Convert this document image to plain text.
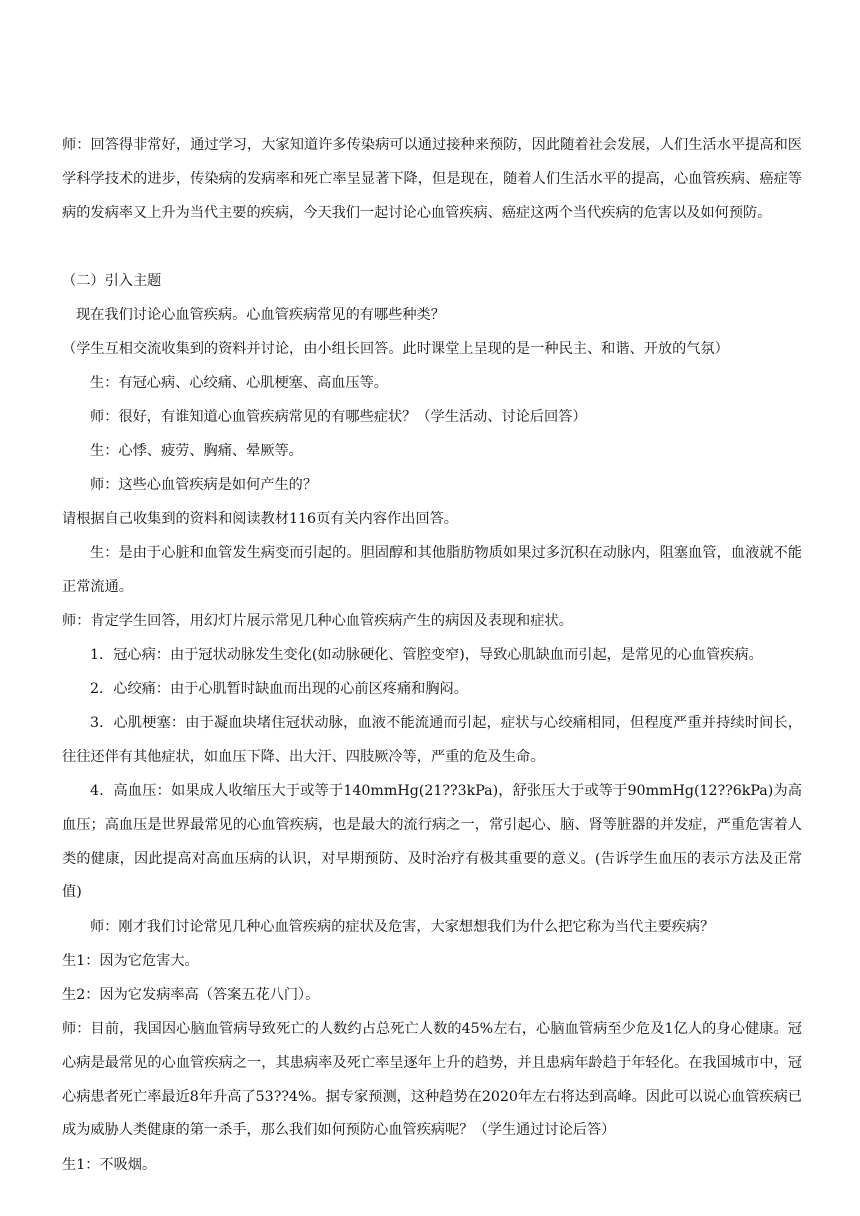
师：回答得非常好，通过学习，大家知道许多传染病可以通过接种来预防，因此随着社会发展，人们生活水平提高和医学科学技术的进步，传染病的发病率和死亡率呈显著下降，但是现在，随着人们生活水平的提高，心血管疾病、癌症等病的发病率又上升为当代主要的疾病，今天我们一起讨论心血管疾病、癌症这两个当代疾病的危害以及如何预防。

（二）引入主题

现在我们讨论心血管疾病。心血管疾病常见的有哪些种类？

（学生互相交流收集到的资料并讨论，由小组长回答。此时课堂上呈现的是一种民主、和谐、开放的气氛）

生：有冠心病、心绞痛、心肌梗塞、高血压等。

师：很好，有谁知道心血管疾病常见的有哪些症状？（学生活动、讨论后回答）

生：心悸、疲劳、胸痛、晕厥等。

师：这些心血管疾病是如何产生的？

请根据自己收集到的资料和阅读教材116页有关内容作出回答。

生：是由于心脏和血管发生病变而引起的。胆固醇和其他脂肪物质如果过多沉积在动脉内，阻塞血管，血液就不能正常流通。

师：肯定学生回答，用幻灯片展示常见几种心血管疾病产生的病因及表现和症状。

1．冠心病：由于冠状动脉发生变化(如动脉硬化、管腔变窄)，导致心肌缺血而引起，是常见的心血管疾病。

2．心绞痛：由于心肌暂时缺血而出现的心前区疼痛和胸闷。

3．心肌梗塞：由于凝血块堵住冠状动脉，血液不能流通而引起，症状与心绞痛相同，但程度严重并持续时间长，往往还伴有其他症状，如血压下降、出大汗、四肢厥冷等，严重的危及生命。

4．高血压：如果成人收缩压大于或等于140mmHg(21??3kPa)，舒张压大于或等于90mmHg(12??6kPa)为高血压；高血压是世界最常见的心血管疾病，也是最大的流行病之一，常引起心、脑、肾等脏器的并发症，严重危害着人类的健康，因此提高对高血压病的认识，对早期预防、及时治疗有极其重要的意义。(告诉学生血压的表示方法及正常值)

师：刚才我们讨论常见几种心血管疾病的症状及危害，大家想想我们为什么把它称为当代主要疾病？

生1：因为它危害大。

生2：因为它发病率高（答案五花八门）。

师：目前，我国因心脑血管病导致死亡的人数约占总死亡人数的45%左右，心脑血管病至少危及1亿人的身心健康。冠心病是最常见的心血管疾病之一，其患病率及死亡率呈逐年上升的趋势，并且患病年龄趋于年轻化。在我国城市中，冠心病患者死亡率最近8年升高了53??4%。据专家预测，这种趋势在2020年左右将达到高峰。因此可以说心血管疾病已成为威胁人类健康的第一杀手，那么我们如何预防心血管疾病呢？（学生通过讨论后答）

生1：不吸烟。
